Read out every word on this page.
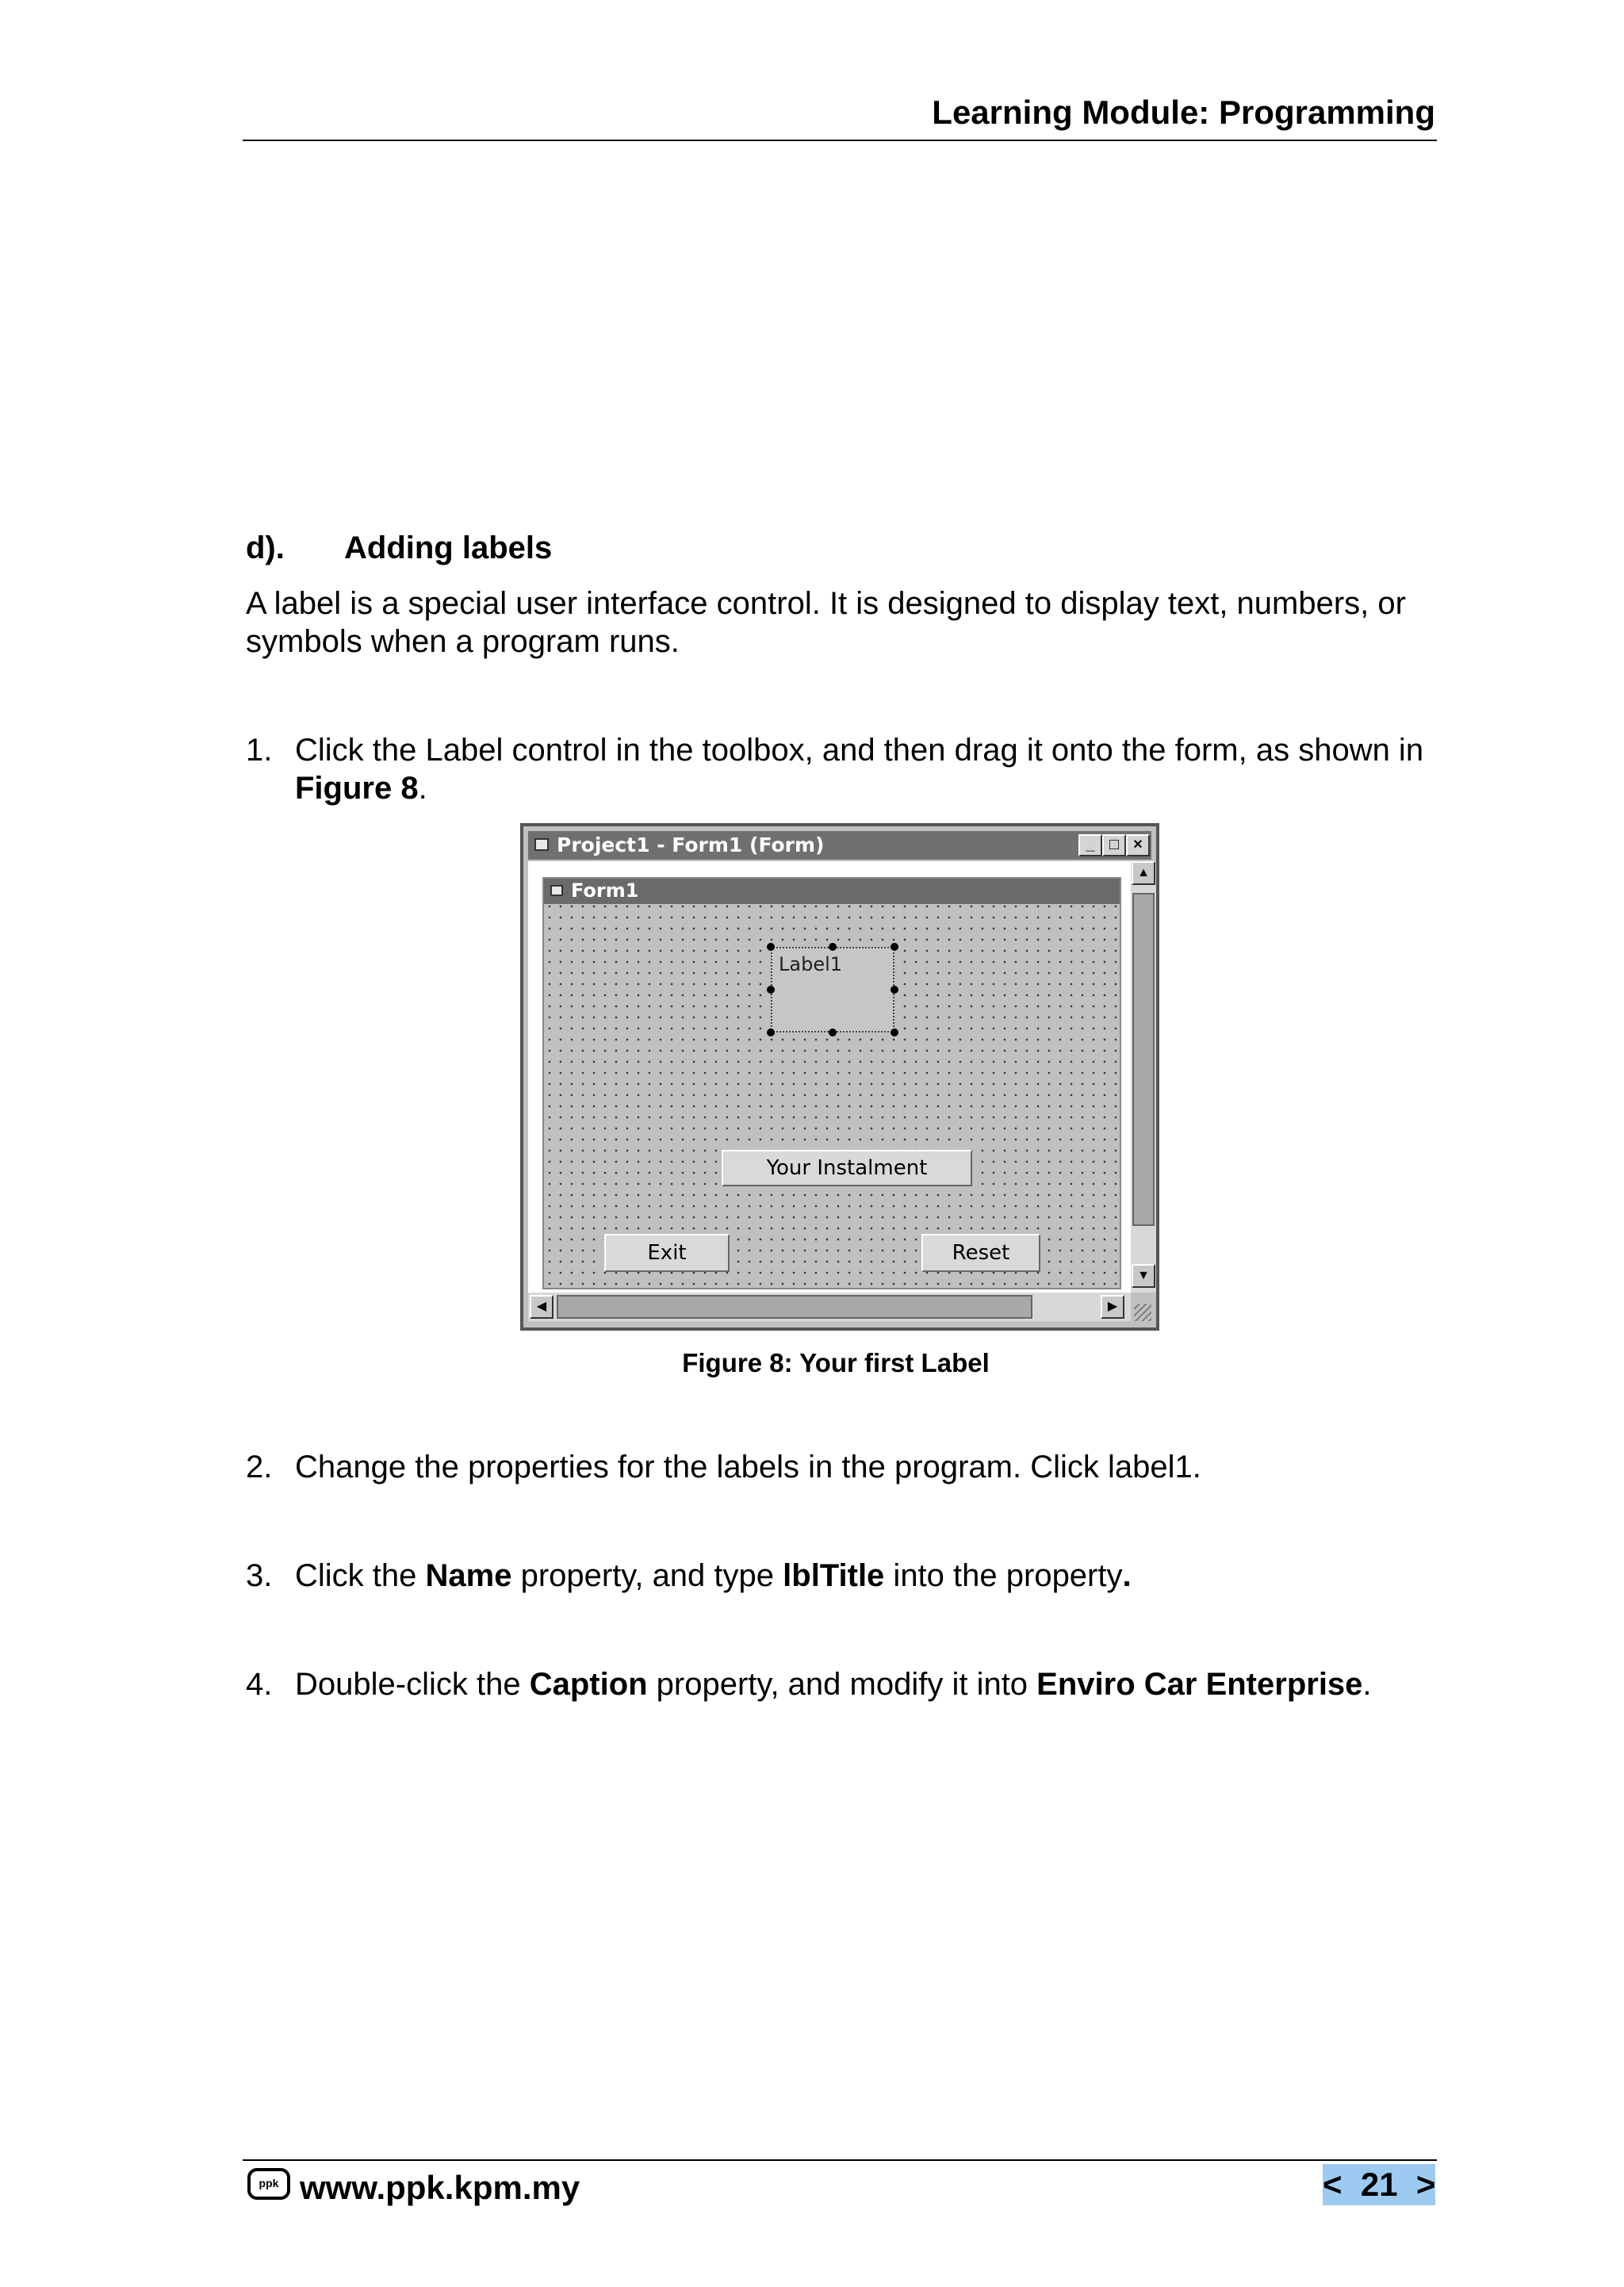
Learning Module: Programming
d). Adding labels
A label is a special user interface control. It is designed to display text, numbers, or symbols when a program runs.
1. Click the Label control in the toolbox, and then drag it onto the form, as shown in Figure 8.
Project1 - Form1 (Form)	_ □ ×
▲
▼
◀	▶
Form1
Label1
Your Instalment
Exit	Reset
Figure 8: Your first Label
2. Change the properties for the labels in the program. Click label1.
3. Click the Name property, and type lblTitle into the property.
4. Double-click the Caption property, and modify it into Enviro Car Enterprise.
ppk www.ppk.kpm.my	<  21  >
